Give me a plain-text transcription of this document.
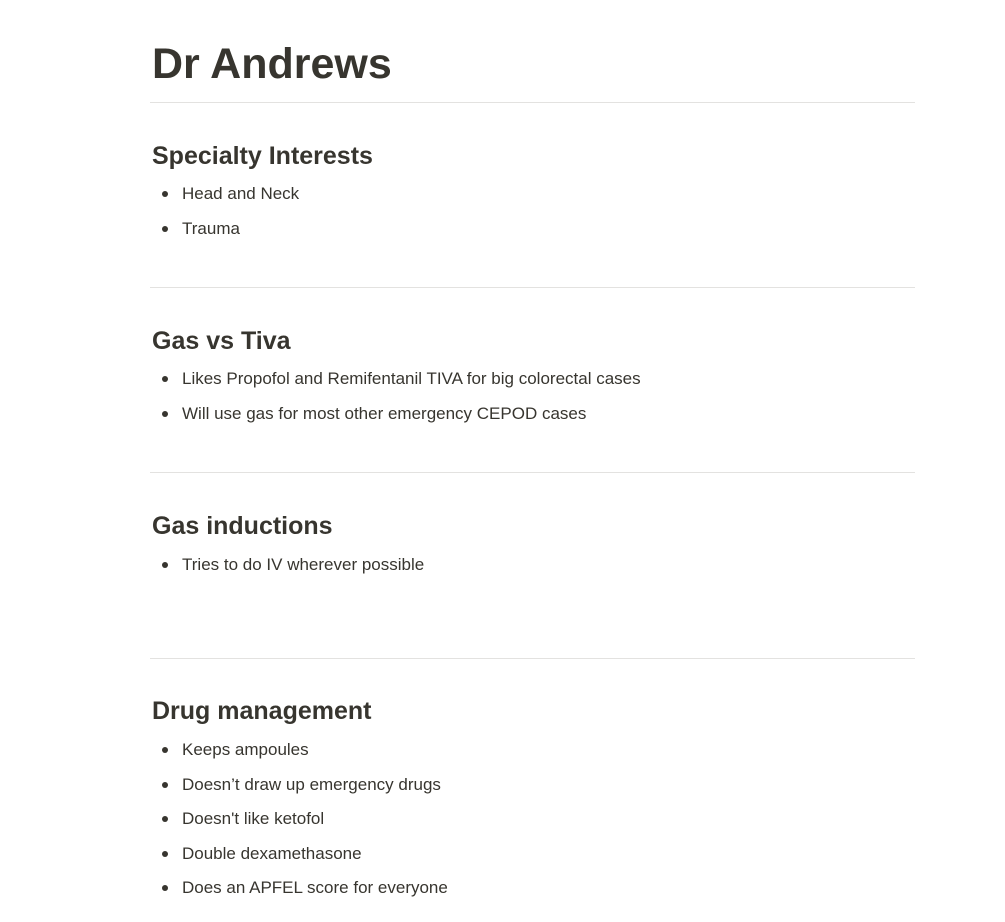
Dr Andrews
Specialty Interests
Head and Neck
Trauma
Gas vs Tiva
Likes Propofol and Remifentanil TIVA for big colorectal cases
Will use gas for most other emergency CEPOD cases
Gas inductions
Tries to do IV wherever possible
Drug management
Keeps ampoules
Doesn’t draw up emergency drugs
Doesn't like ketofol
Double dexamethasone
Does an APFEL score for everyone
